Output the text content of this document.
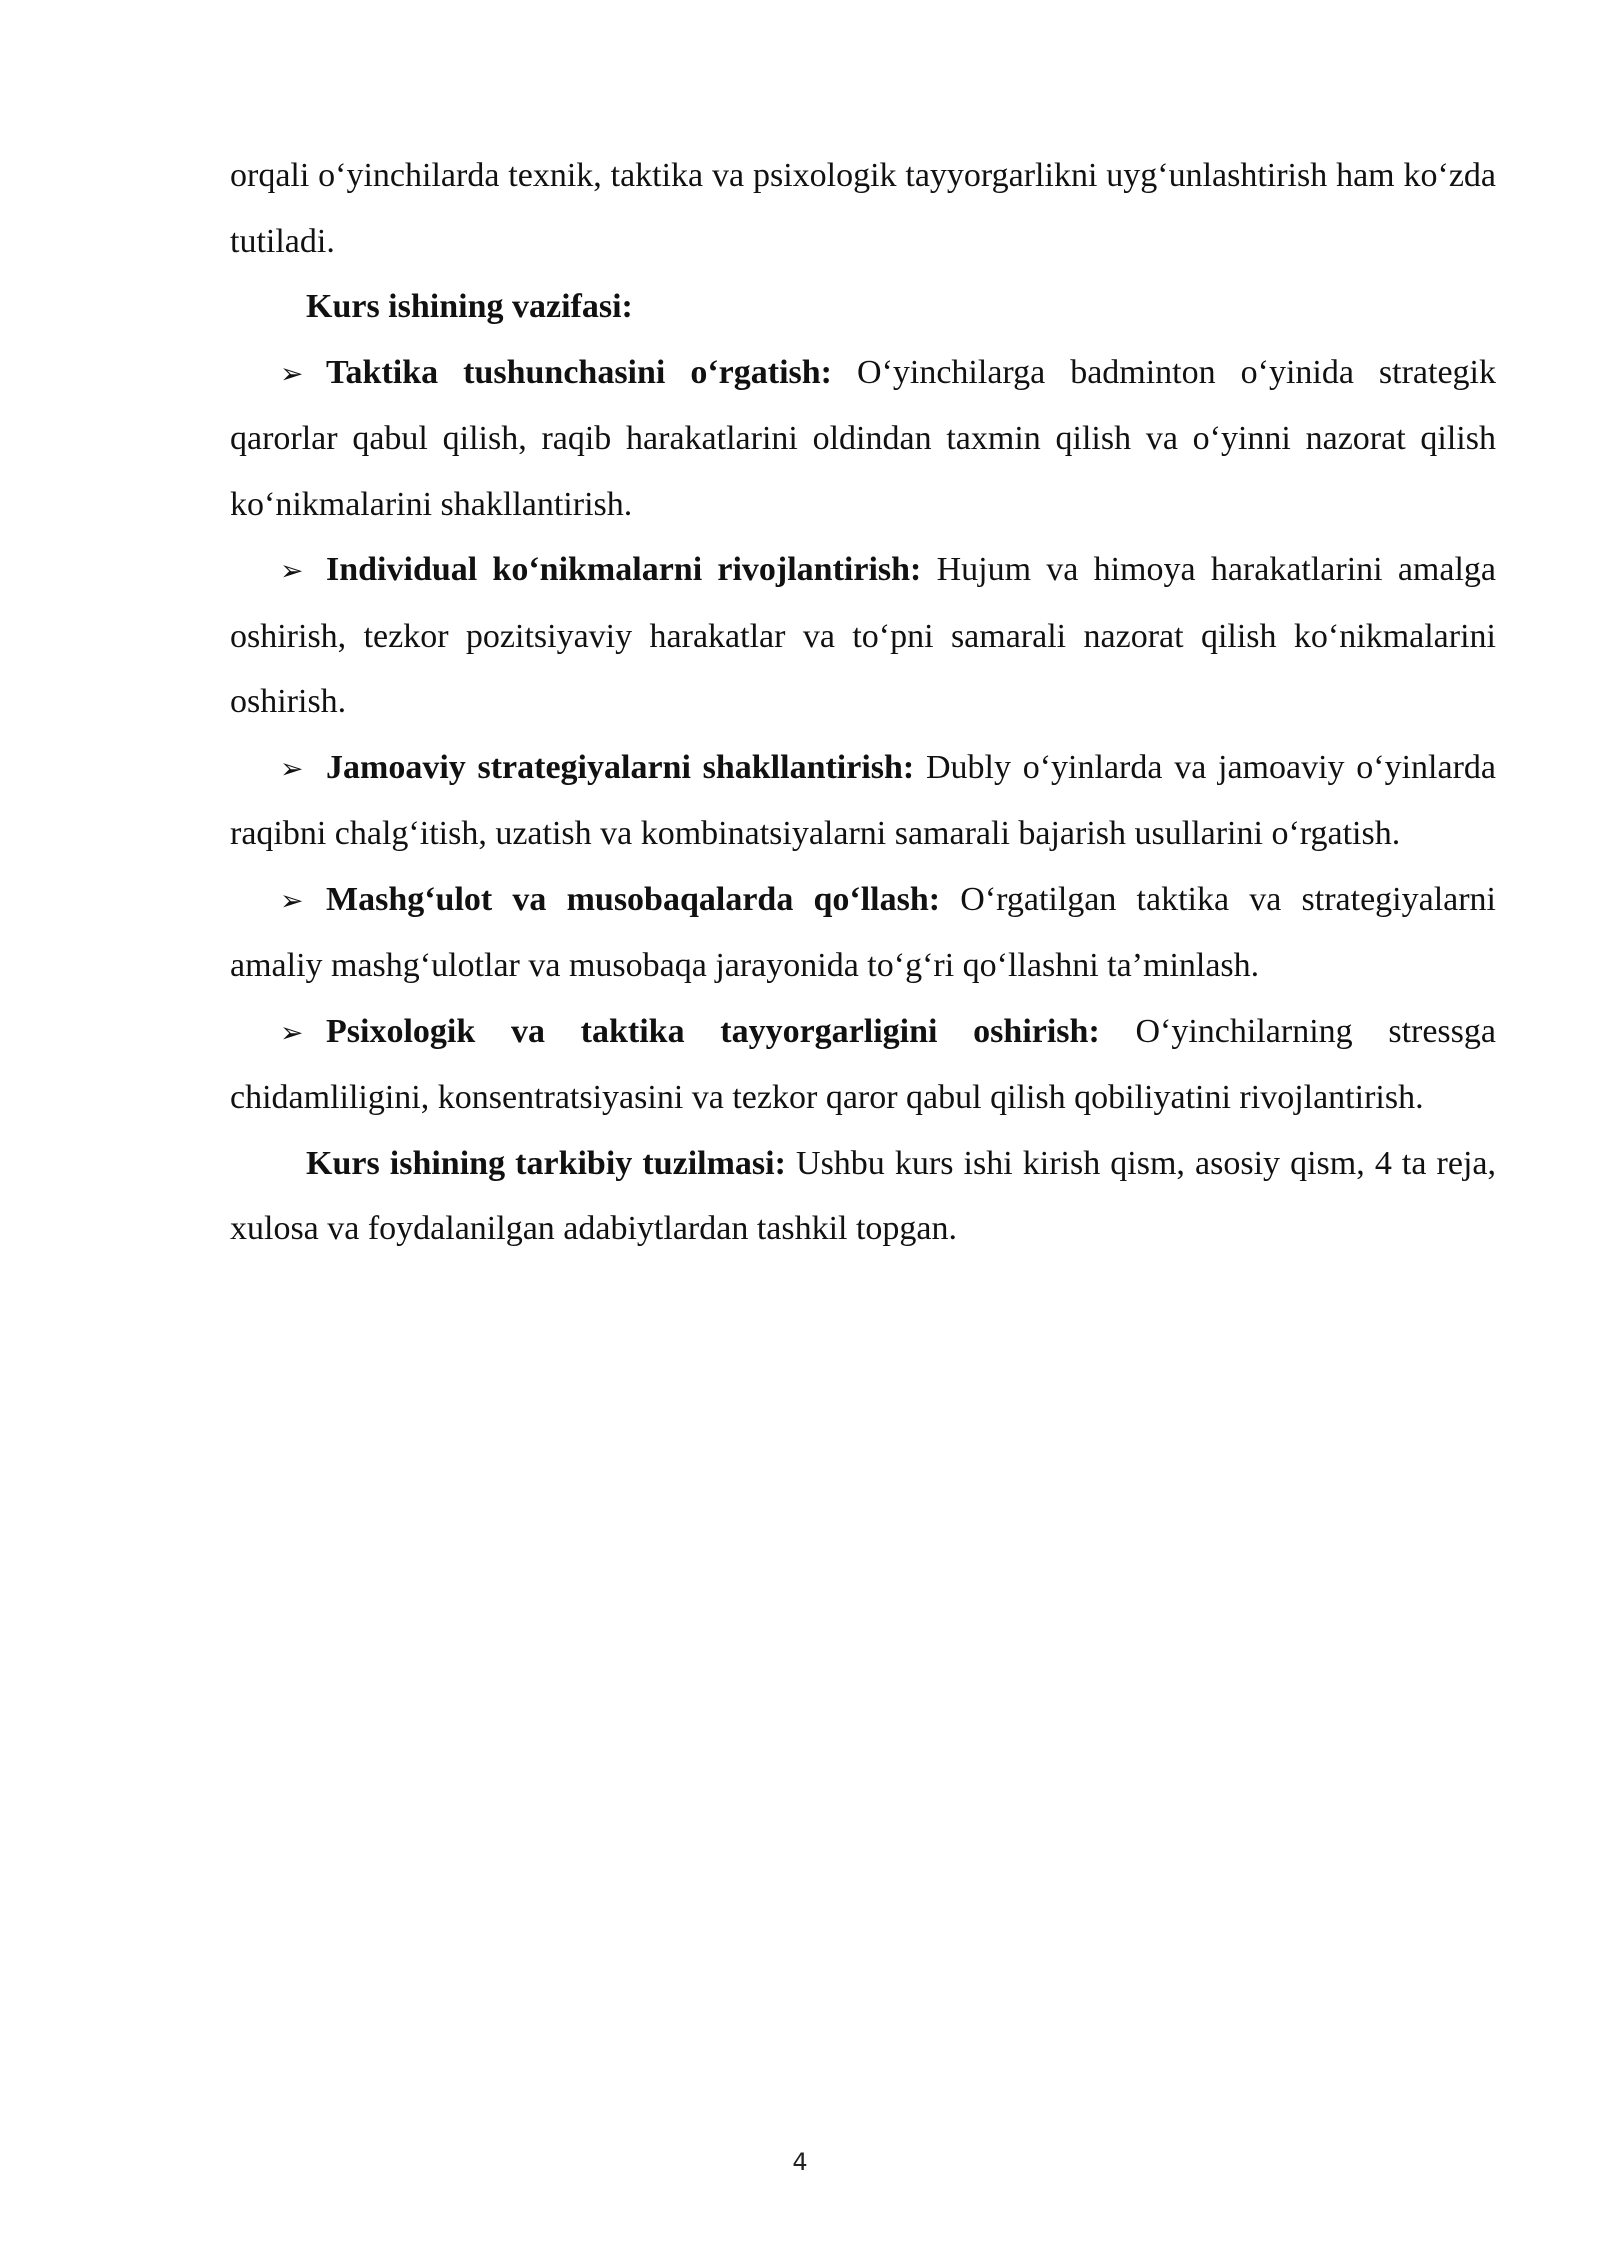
orqali o‘yinchilarda texnik, taktika va psixologik tayyorgarlikni uyg‘unlashtirish ham ko‘zda tutiladi.

Kurs ishining vazifasi:

➢ Taktika tushunchasini o‘rgatish: O‘yinchilarga badminton o‘yinida strategik qarorlar qabul qilish, raqib harakatlarini oldindan taxmin qilish va o‘yinni nazorat qilish ko‘nikmalarini shakllantirish.

➢ Individual ko‘nikmalarni rivojlantirish: Hujum va himoya harakatlarini amalga oshirish, tezkor pozitsiyaviy harakatlar va to‘pni samarali nazorat qilish ko‘nikmalarini oshirish.

➢ Jamoaviy strategiyalarni shakllantirish: Dubly o‘yinlarda va jamoaviy o‘yinlarda raqibni chalg‘itish, uzatish va kombinatsiyalarni samarali bajarish usullarini o‘rgatish.

➢ Mashg‘ulot va musobaqalarda qo‘llash: O‘rgatilgan taktika va strategiyalarni amaliy mashg‘ulotlar va musobaqa jarayonida to‘g‘ri qo‘llashni ta’minlash.

➢ Psixologik va taktika tayyorgarligini oshirish: O‘yinchilarning stressga chidamliligini, konsentratsiyasini va tezkor qaror qabul qilish qobiliyatini rivojlantirish.

Kurs ishining tarkibiy tuzilmasi: Ushbu kurs ishi kirish qism, asosiy qism, 4 ta reja, xulosa va foydalanilgan adabiytlardan tashkil topgan.

4
